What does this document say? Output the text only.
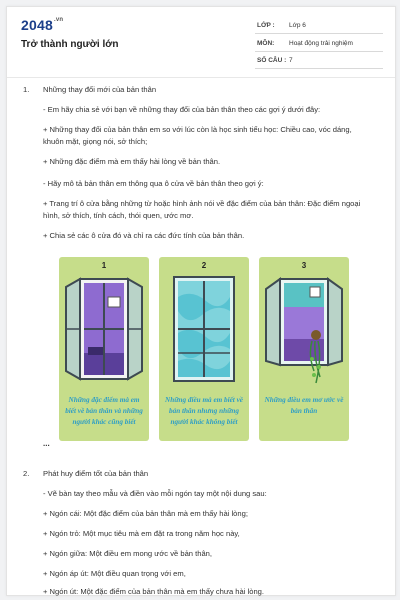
$2048^{.vn}$
Trở thành người lớn
LỚP : Lớp 6
MÔN: Hoạt động trải nghiệm
SỐ CÂU : 7
1. Những thay đổi mới của bản thân
- Em hãy chia sẻ với bạn về những thay đổi của bản thân theo các gợi ý dưới đây:
+ Những thay đổi của bản thân em so với lúc còn là học sinh tiểu học: Chiều cao, vóc dáng,
khuôn mặt, giọng nói, sở thích;
+ Những đặc điểm mà em thấy hài lòng về bản thân.
- Hãy mô tả bản thân em thông qua ô cửa về bản thân theo gợi ý:
+ Trang trí ô cửa bằng những từ hoặc hình ảnh nói về đặc điểm của bản thân: Đặc điểm ngoại
hình, sở thích, tính cách, thói quen, ước mơ.
+ Chia sẻ các ô cửa đó và chỉ ra các đức tính của bản thân.
1
Những đặc điểm mà em biết về bản thân và những người khác cũng biết
2
Những điều mà em biết về bản thân nhưng những người khác không biết
3
Những điều em mơ ước về bản thân
...
2. Phát huy điểm tốt của bản thân
- Vẽ bàn tay theo mẫu và điền vào mỗi ngón tay một nội dung sau:
+ Ngón cái: Một đặc điểm của bản thân mà em thấy hài lòng;
+ Ngón trỏ: Một mục tiêu mà em đặt ra trong năm học này,
+ Ngón giữa: Một điều em mong ước về bản thân,
+ Ngón áp út: Một điều quan trọng với em,
+ Ngón út: Một đặc điểm của bản thân mà em thấy chưa hài lòng.
